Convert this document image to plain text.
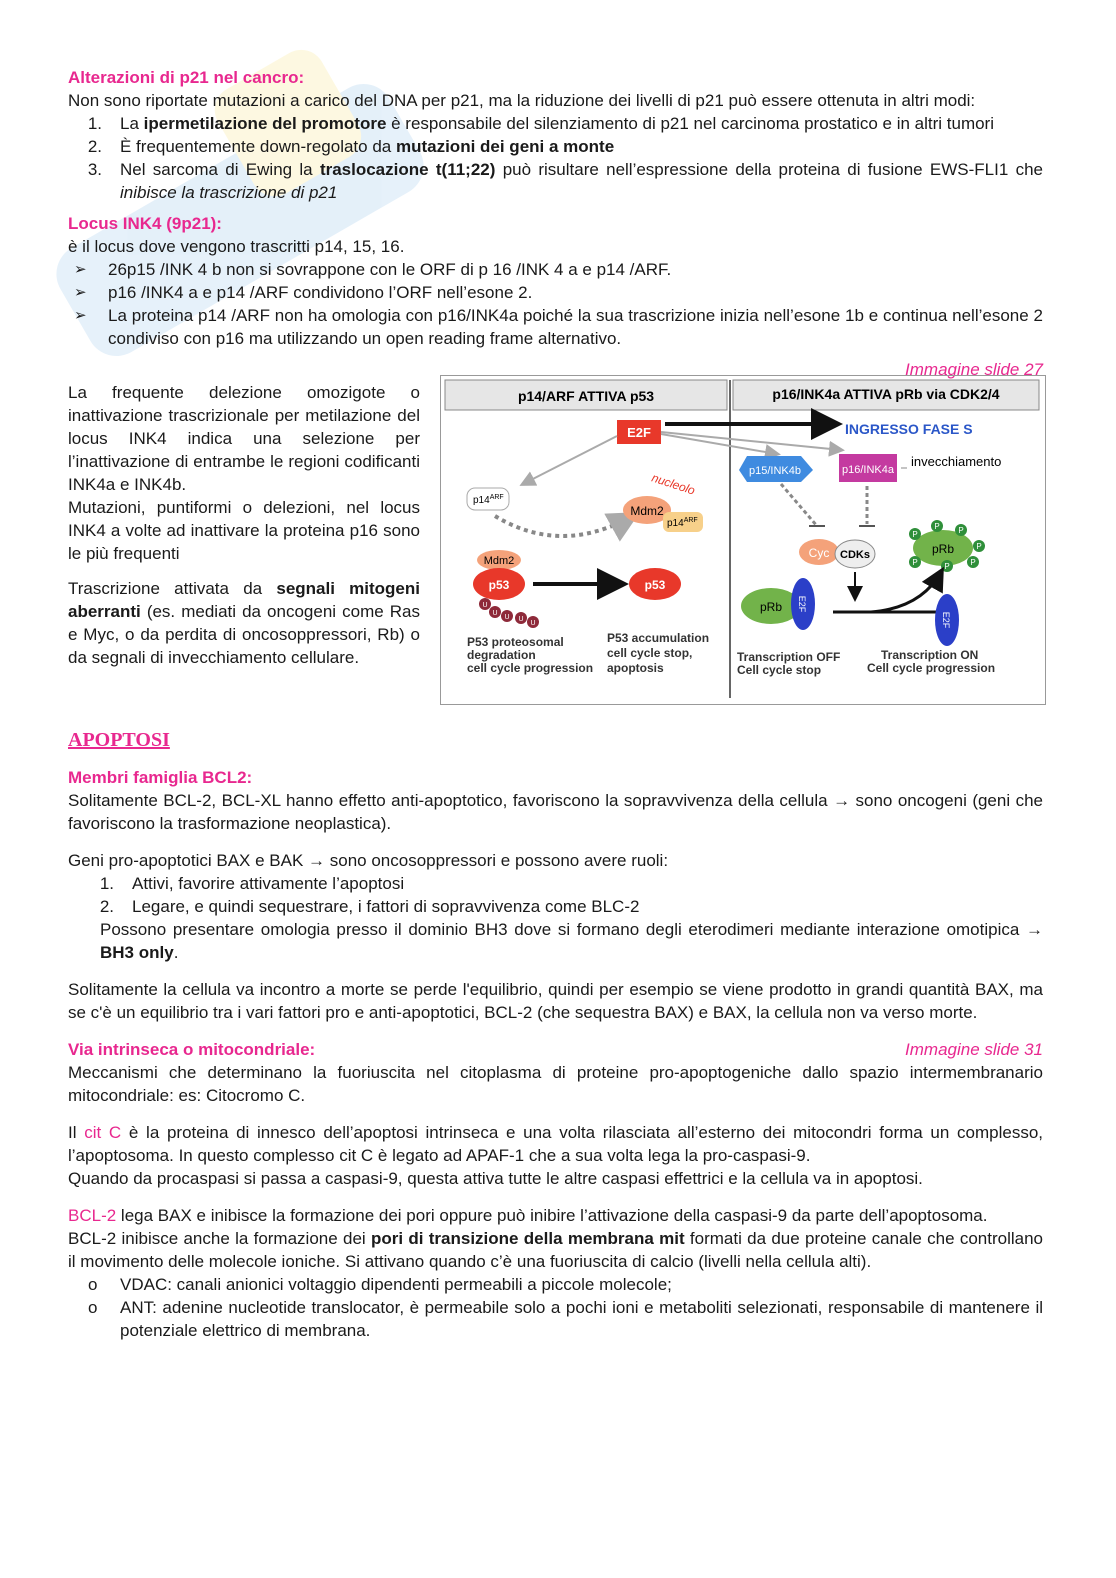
Alterazioni di p21 nel cancro:

Non sono riportate mutazioni a carico del DNA per p21, ma la riduzione dei livelli di p21 può essere ottenuta in altri modi:

1.	La ipermetilazione del promotore è responsabile del silenziamento di p21 nel carcinoma prostatico e in altri tumori
2.	È frequentemente down-regolato da mutazioni dei geni a monte
3.	Nel sarcoma di Ewing la traslocazione t(11;22) può risultare nell’espressione della proteina di fusione EWS-FLI1 che inibisce la trascrizione di p21

Locus INK4 (9p21):

è il locus dove vengono trascritti p14, 15, 16.

➢	26p15 /INK 4 b non si sovrappone con le ORF di p 16 /INK 4 a e p14 /ARF.
➢	p16 /INK4 a e p14 /ARF condividono l’ORF nell’esone 2.
➢	La proteina p14 /ARF non ha omologia con p16/INK4a poiché la sua trascrizione inizia nell’esone 1b e continua nell’esone 2 condiviso con p16 ma utilizzando un open reading frame alternativo.
Immagine slide 27

La frequente delezione omozigote o inattivazione trascrizionale per metilazione del locus INK4 indica una selezione per l’inattivazione di entrambe le regioni codificanti INK4a e INK4b.

Mutazioni, puntiformi o delezioni, nel locus INK4 a volte ad inattivare la proteina p16 sono le più frequenti

Trascrizione attivata da segnali mitogeni aberranti (es. mediati da oncogeni come Ras e Myc, o da perdita di oncosoppressori, Rb) o da segnali di invecchiamento cellulare.

p14/ARF ATTIVA p53	p16/INK4a ATTIVA pRb via CDK2/4
E2F	INGRESSO FASE S
p15/INK4b	p16/INK4a
invecchiamento
nucleolo
$p14^{ARF}$
Mdm2
$p14^{ARF}$
Mdm2
p53
U
U
U U
U
p53
P53 proteosomal degradation cell cycle progression
P53 accumulation cell cycle stop, apoptosis
Cyc CDKs	pRb
P
P P
P
P
P
P
pRb E2F
E2F
Transcription OFF Cell cycle stop
Transcription ON Cell cycle progression

APOPTOSI

Membri famiglia BCL2:

Solitamente BCL-2, BCL-XL hanno effetto anti-apoptotico, favoriscono la sopravvivenza della cellula → sono oncogeni (geni che favoriscono la trasformazione neoplastica).

Geni pro-apoptotici BAX e BAK → sono oncosoppressori e possono avere ruoli:

1.	Attivi, favorire attivamente l’apoptosi
2.	Legare, e quindi sequestrare, i fattori di sopravvivenza come BLC-2

Possono presentare omologia presso il dominio BH3 dove si formano degli eterodimeri mediante interazione omotipica → BH3 only.

Solitamente la cellula va incontro a morte se perde l'equilibrio, quindi per esempio se viene prodotto in grandi quantità BAX, ma se c'è un equilibrio tra i vari fattori pro e anti-apoptotici, BCL-2 (che sequestra BAX) e BAX, la cellula non va verso morte.

Via intrinseca o mitocondriale:	Immagine slide 31

Meccanismi che determinano la fuoriuscita nel citoplasma di proteine pro-apoptogeniche dallo spazio intermembranario mitocondriale: es: Citocromo C.

Il cit C è la proteina di innesco dell’apoptosi intrinseca e una volta rilasciata all’esterno dei mitocondri forma un complesso, l’apoptosoma. In questo complesso cit C è legato ad APAF-1 che a sua volta lega la pro-caspasi-9.

Quando da procaspasi si passa a caspasi-9, questa attiva tutte le altre caspasi effettrici e la cellula va in apoptosi.

BCL-2 lega BAX e inibisce la formazione dei pori oppure può inibire l’attivazione della caspasi-9 da parte dell’apoptosoma.

BCL-2 inibisce anche la formazione dei pori di transizione della membrana mit formati da due proteine canale che controllano il movimento delle molecole ioniche. Si attivano quando c’è una fuoriuscita di calcio (livelli nella cellula alti).

o	VDAC: canali anionici voltaggio dipendenti permeabili a piccole molecole;
o	ANT: adenine nucleotide translocator, è permeabile solo a pochi ioni e metaboliti selezionati, responsabile di mantenere il potenziale elettrico di membrana.
